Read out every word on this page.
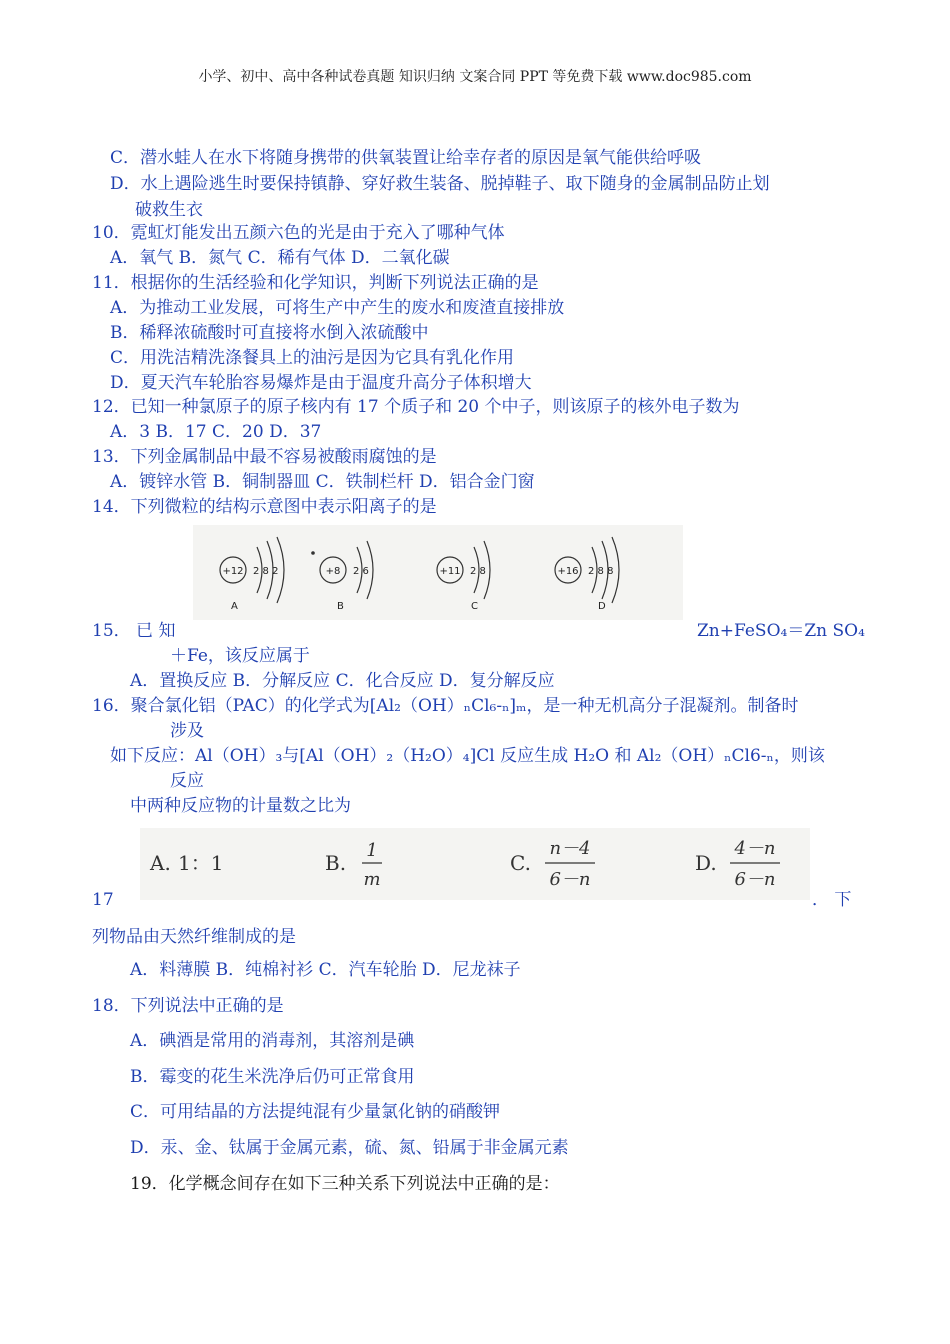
小学、初中、高中各种试卷真题 知识归纳 文案合同 PPT 等免费下载 www.doc985.com
C．潜水蛙人在水下将随身携带的供氧装置让给幸存者的原因是氧气能供给呼吸
D．水上遇险逃生时要保持镇静、穿好救生装备、脱掉鞋子、取下随身的金属制品防止划
破救生衣
10．霓虹灯能发出五颜六色的光是由于充入了哪种气体
A．氧气 B．氮气 C．稀有气体 D．二氧化碳
11．根据你的生活经验和化学知识，判断下列说法正确的是
A．为推动工业发展，可将生产中产生的废水和废渣直接排放
B．稀释浓硫酸时可直接将水倒入浓硫酸中
C．用洗洁精洗涤餐具上的油污是因为它具有乳化作用
D．夏天汽车轮胎容易爆炸是由于温度升高分子体积增大
12．已知一种氯原子的原子核内有 17 个质子和 20 个中子，则该原子的核外电子数为
A．3 B．17 C．20 D．37
13．下列金属制品中最不容易被酸雨腐蚀的是
A．镀锌水管 B．铜制器皿 C．铁制栏杆 D．铝合金门窗
14．下列微粒的结构示意图中表示阳离子的是
+12 2 8 2	+8 2 6	+11 2 8	+16 2 8 8
A	B	C	D
15． 已 知	Zn+FeSO₄＝Zn SO₄
＋Fe，该反应属于
A．置换反应 B．分解反应 C．化合反应 D．复分解反应
16．聚合氯化铝（PAC）的化学式为[Al₂（OH）ₙCl₆-ₙ]ₘ，是一种无机高分子混凝剂。制备时
涉及
如下反应：Al（OH）₃与[Al（OH）₂（H₂O）₄]Cl 反应生成 H₂O 和 Al₂（OH）ₙCl6-ₙ，则该
反应
中两种反应物的计量数之比为
A. 1：1	B.	C.	D.
1
m
n－4
6－n
4－n
6－n
17	． 下
列物品由天然纤维制成的是
A．料薄膜 B．纯棉衬衫 C．汽车轮胎 D．尼龙袜子
18．下列说法中正确的是
A．碘酒是常用的消毒剂，其溶剂是碘
B．霉变的花生米洗净后仍可正常食用
C．可用结晶的方法提纯混有少量氯化钠的硝酸钾
D．汞、金、钛属于金属元素，硫、氮、铅属于非金属元素
19．化学概念间存在如下三种关系下列说法中正确的是：
